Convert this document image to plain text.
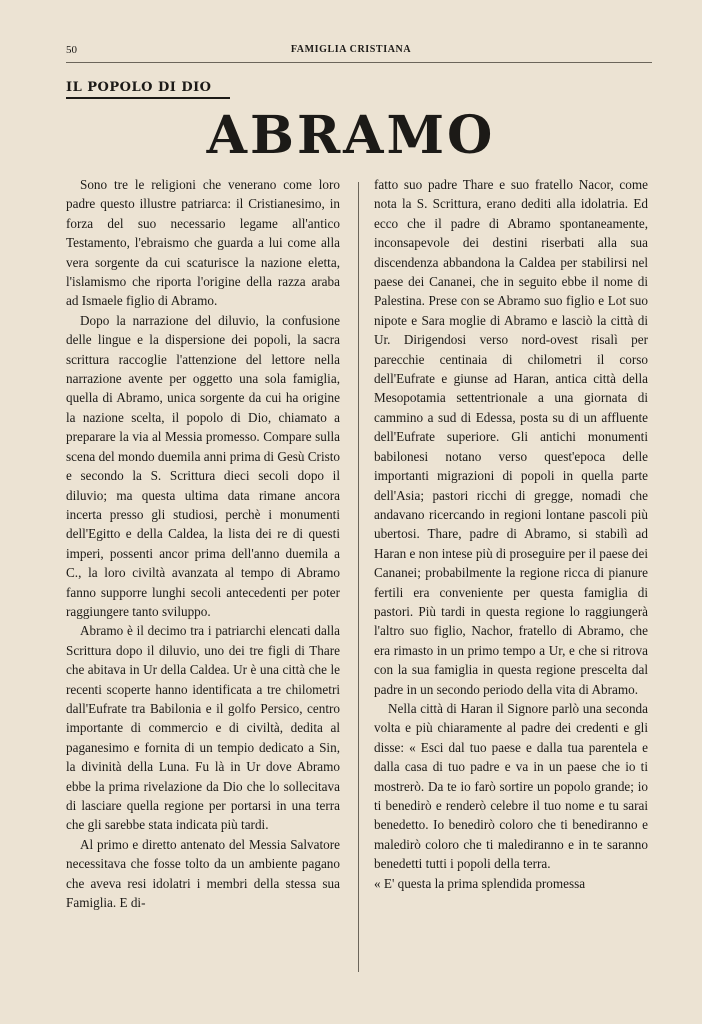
50	FAMIGLIA CRISTIANA
IL POPOLO DI DIO
ABRAMO

Sono tre le religioni che venerano come loro padre questo illustre patriarca: il Cristianesimo, in forza del suo necessario legame all'antico Testamento, l'ebraismo che guarda a lui come alla vera sorgente da cui scaturisce la nazione eletta, l'islamismo che riporta l'origine della razza araba ad Ismaele figlio di Abramo.

Dopo la narrazione del diluvio, la confusione delle lingue e la dispersione dei popoli, la sacra scrittura raccoglie l'attenzione del lettore nella narrazione avente per oggetto una sola famiglia, quella di Abramo, unica sorgente da cui ha origine la nazione scelta, il popolo di Dio, chiamato a preparare la via al Messia promesso. Compare sulla scena del mondo duemila anni prima di Gesù Cristo e secondo la S. Scrittura dieci secoli dopo il diluvio; ma questa ultima data rimane ancora incerta presso gli studiosi, perchè i monumenti dell'Egitto e della Caldea, la lista dei re di questi imperi, possenti ancor prima dell'anno duemila a C., la loro civiltà avanzata al tempo di Abramo fanno supporre lunghi secoli antecedenti per poter raggiungere tanto sviluppo.

Abramo è il decimo tra i patriarchi elencati dalla Scrittura dopo il diluvio, uno dei tre figli di Thare che abitava in Ur della Caldea. Ur è una città che le recenti scoperte hanno identificata a tre chilometri dall'Eufrate tra Babilonia e il golfo Persico, centro importante di commercio e di civiltà, dedita al paganesimo e fornita di un tempio dedicato a Sin, la divinità della Luna. Fu là in Ur dove Abramo ebbe la prima rivelazione da Dio che lo sollecitava di lasciare quella regione per portarsi in una terra che gli sarebbe stata indicata più tardi.

Al primo e diretto antenato del Messia Salvatore necessitava che fosse tolto da un ambiente pagano che aveva resi idolatri i membri della stessa sua Famiglia. E di-

fatto suo padre Thare e suo fratello Nacor, come nota la S. Scrittura, erano dediti alla idolatria. Ed ecco che il padre di Abramo spontaneamente, inconsapevole dei destini riserbati alla sua discendenza abbandona la Caldea per stabilirsi nel paese dei Cananei, che in seguito ebbe il nome di Palestina. Prese con se Abramo suo figlio e Lot suo nipote e Sara moglie di Abramo e lasciò la città di Ur. Dirigendosi verso nord-ovest risalì per parecchie centinaia di chilometri il corso dell'Eufrate e giunse ad Haran, antica città della Mesopotamia settentrionale a una giornata di cammino a sud di Edessa, posta su di un affluente dell'Eufrate superiore. Gli antichi monumenti babilonesi notano verso quest'epoca delle importanti migrazioni di popoli in quella parte dell'Asia; pastori ricchi di gregge, nomadi che andavano ricercando in regioni lontane pascoli più ubertosi. Thare, padre di Abramo, si stabilì ad Haran e non intese più di proseguire per il paese dei Cananei; probabilmente la regione ricca di pianure fertili era conveniente per questa famiglia di pastori. Più tardi in questa regione lo raggiungerà l'altro suo figlio, Nachor, fratello di Abramo, che era rimasto in un primo tempo a Ur, e che si ritrova con la sua famiglia in questa regione prescelta dal padre in un secondo periodo della vita di Abramo.

Nella città di Haran il Signore parlò una seconda volta e più chiaramente al padre dei credenti e gli disse: « Esci dal tuo paese e dalla tua parentela e dalla casa di tuo padre e va in un paese che io ti mostrerò. Da te io farò sortire un popolo grande; io ti benedirò e renderò celebre il tuo nome e tu sarai benedetto. Io benedirò coloro che ti benediranno e maledirò coloro che ti malediranno e in te saranno benedetti tutti i popoli della terra.

« E' questa la prima splendida promessa
